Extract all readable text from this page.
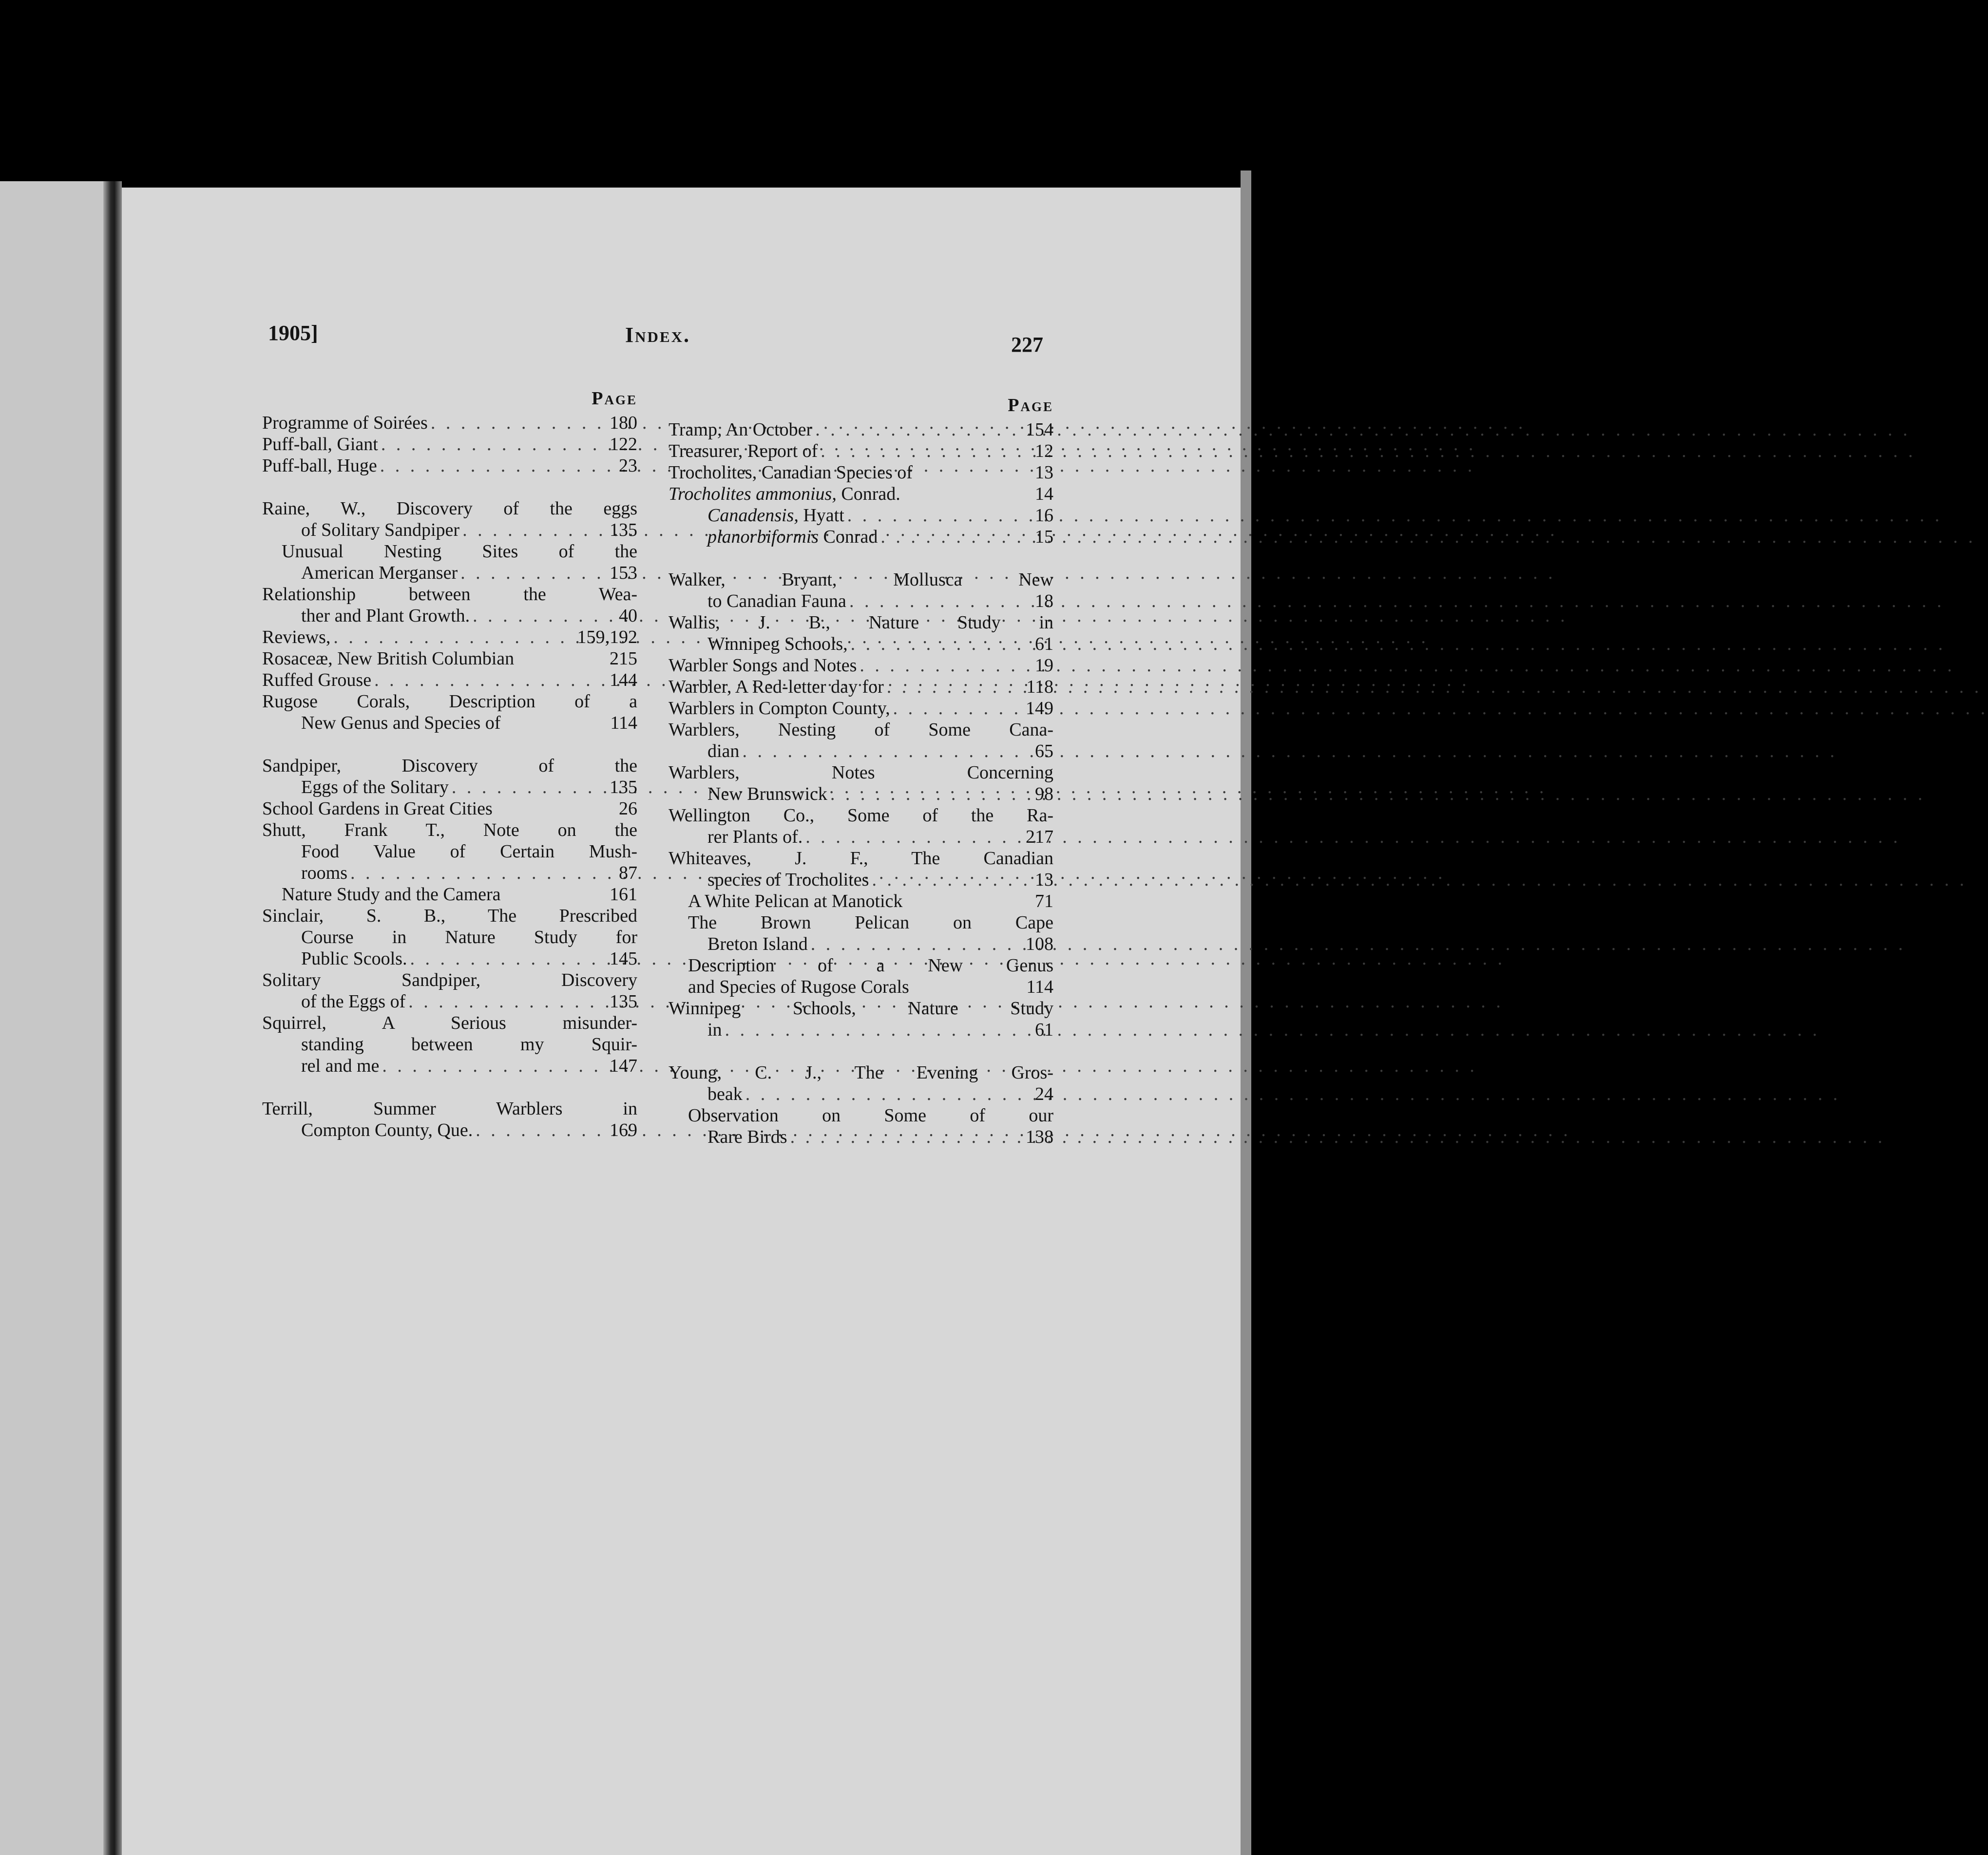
1905]	Index.	227
Page
Programme of Soirées . . .	180
Puff-ball, Giant . . .	122
Puff-ball, Huge . . .	23
Raine, W., Discovery of the eggs
of Solitary Sandpiper . . .	135
Unusual Nesting Sites of the
American Merganser . . .	153
Relationship between the Wea-
ther and Plant Growth. . . .	40
Reviews, . . .	159,192
Rosaceæ, New British Columbian	215
Ruffed Grouse . . .	144
Rugose Corals, Description of a
New Genus and Species of	114
Sandpiper, Discovery of the
Eggs of the Solitary . . .	135
School Gardens in Great Cities	26
Shutt, Frank T., Note on the
Food Value of Certain Mush-
rooms . . .	87
Nature Study and the Camera	161
Sinclair, S. B., The Prescribed
Course in Nature Study for
Public Scools. . . .	145
Solitary Sandpiper, Discovery
of the Eggs of . . .	135
Squirrel, A Serious misunder-
standing between my Squir-
rel and me . . .	147
Terrill, Summer Warblers in
Compton County, Que. . . .	169
Page
Tramp, An October . . .	154
Treasurer, Report of . . .	12
Trocholites, Canadian Species of	13
Trocholites ammonius, Conrad.	14
Canadensis, Hyatt . . .	16
planorbiformis Conrad . . .	15
Walker, Bryant, Mollusca New
to Canadian Fauna . . .	18
Wallis, J. B., Nature Study in
Winnipeg Schools, . . .	61
Warbler Songs and Notes . . .	19
Warbler, A Red-letter day for . . .	118
Warblers in Compton County, . . .	149
Warblers, Nesting of Some Cana-
dian . . .	65
Warblers, Notes Concerning
New Brunswick . . .	98
Wellington Co., Some of the Ra-
rer Plants of. . . .	217
Whiteaves, J. F., The Canadian
species of Trocholites . . .	13
A White Pelican at Manotick	71
The Brown Pelican on Cape
Breton Island . . .	108
Description of a New Genus
and Species of Rugose Corals	114
Winnipeg Schools, Nature Study
in . . .	61
Young, C. J., The Evening Gros-
beak . . .	24
Observation on Some of our
Rare Birds . . .	138
